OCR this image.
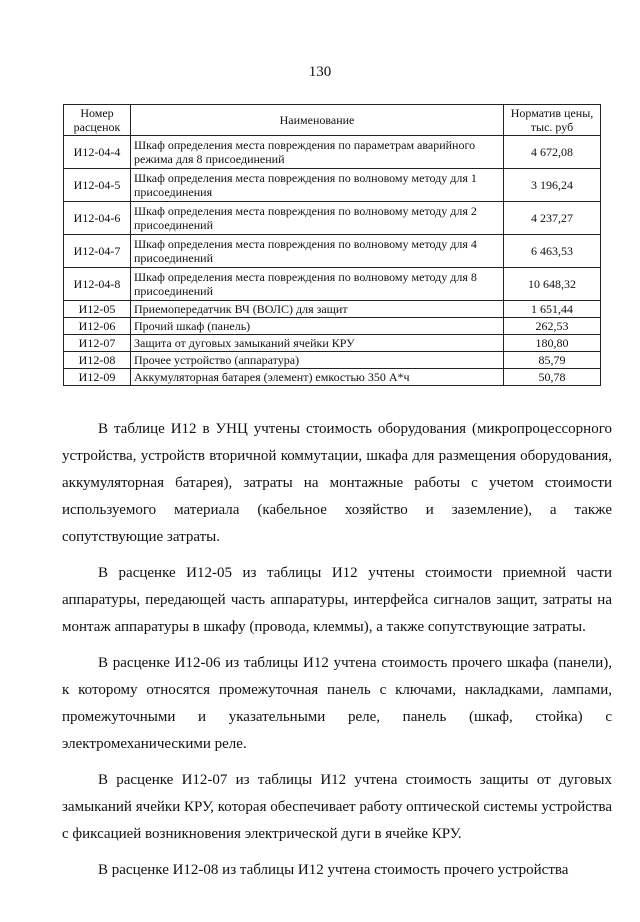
130
Номер расценок	Наименование	Норматив цены, тыс. руб
И12-04-4	Шкаф определения места повреждения по параметрам аварийного режима для 8 присоединений	4 672,08
И12-04-5	Шкаф определения места повреждения по волновому методу для 1 присоединения	3 196,24
И12-04-6	Шкаф определения места повреждения по волновому методу для 2 присоединений	4 237,27
И12-04-7	Шкаф определения места повреждения по волновому методу для 4 присоединений	6 463,53
И12-04-8	Шкаф определения места повреждения по волновому методу для 8 присоединений	10 648,32
И12-05	Приемопередатчик ВЧ (ВОЛС) для защит	1 651,44
И12-06	Прочий шкаф (панель)	262,53
И12-07	Защита от дуговых замыканий ячейки КРУ	180,80
И12-08	Прочее устройство (аппаратура)	85,79
И12-09	Аккумуляторная батарея (элемент) емкостью 350 А*ч	50,78

В таблице И12 в УНЦ учтены стоимость оборудования (микропроцессорного устройства, устройств вторичной коммутации, шкафа для размещения оборудования, аккумуляторная батарея), затраты на монтажные работы с учетом стоимости используемого материала (кабельное хозяйство и заземление), а также сопутствующие затраты.

В расценке И12-05 из таблицы И12 учтены стоимости приемной части аппаратуры, передающей часть аппаратуры, интерфейса сигналов защит, затраты на монтаж аппаратуры в шкафу (провода, клеммы), а также сопутствующие затраты.

В расценке И12-06 из таблицы И12 учтена стоимость прочего шкафа (панели), к которому относятся промежуточная панель с ключами, накладками, лампами, промежуточными и указательными реле, панель (шкаф, стойка) с электромеханическими реле.

В расценке И12-07 из таблицы И12 учтена стоимость защиты от дуговых замыканий ячейки КРУ, которая обеспечивает работу оптической системы устройства с фиксацией возникновения электрической дуги в ячейке КРУ.

В расценке И12-08 из таблицы И12 учтена стоимость прочего устройства
